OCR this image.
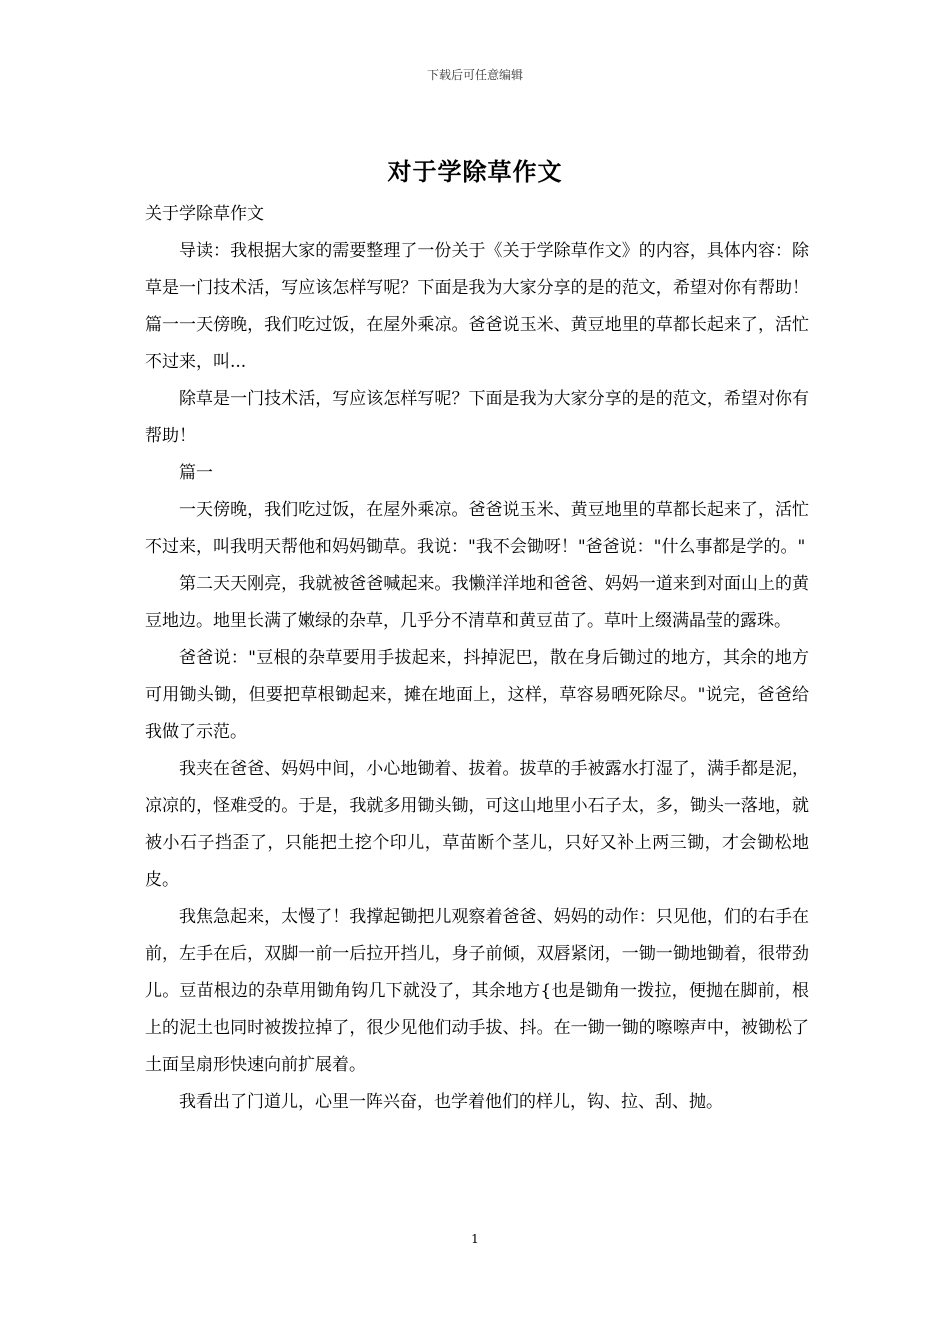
下载后可任意编辑
对于学除草作文

关于学除草作文

导读：我根据大家的需要整理了一份关于《关于学除草作文》的内容，具体内容：除草是一门技术活，写应该怎样写呢？下面是我为大家分享的是的范文，希望对你有帮助！篇一一天傍晚，我们吃过饭，在屋外乘凉。爸爸说玉米、黄豆地里的草都长起来了，活忙不过来，叫...

除草是一门技术活，写应该怎样写呢？下面是我为大家分享的是的范文，希望对你有帮助！

篇一

一天傍晚，我们吃过饭，在屋外乘凉。爸爸说玉米、黄豆地里的草都长起来了，活忙不过来，叫我明天帮他和妈妈锄草。我说："我不会锄呀！"爸爸说："什么事都是学的。"

第二天天刚亮，我就被爸爸喊起来。我懒洋洋地和爸爸、妈妈一道来到对面山上的黄豆地边。地里长满了嫩绿的杂草，几乎分不清草和黄豆苗了。草叶上缀满晶莹的露珠。

爸爸说："豆根的杂草要用手拔起来，抖掉泥巴，散在身后锄过的地方，其余的地方可用锄头锄，但要把草根锄起来，摊在地面上，这样，草容易晒死除尽。"说完，爸爸给我做了示范。

我夹在爸爸、妈妈中间，小心地锄着、拔着。拔草的手被露水打湿了，满手都是泥，凉凉的，怪难受的。于是，我就多用锄头锄，可这山地里小石子太，多，锄头一落地，就被小石子挡歪了，只能把土挖个印儿，草苗断个茎儿，只好又补上两三锄，才会锄松地皮。

我焦急起来，太慢了！我撑起锄把儿观察着爸爸、妈妈的动作：只见他，们的右手在前，左手在后，双脚一前一后拉开挡儿，身子前倾，双唇紧闭，一锄一锄地锄着，很带劲儿。豆苗根边的杂草用锄角钩几下就没了，其余地方{也是锄角一拨拉，便抛在脚前，根上的泥土也同时被拨拉掉了，很少见他们动手拔、抖。在一锄一锄的嚓嚓声中，被锄松了土面呈扇形快速向前扩展着。

我看出了门道儿，心里一阵兴奋，也学着他们的样儿，钩、拉、刮、抛。

1
